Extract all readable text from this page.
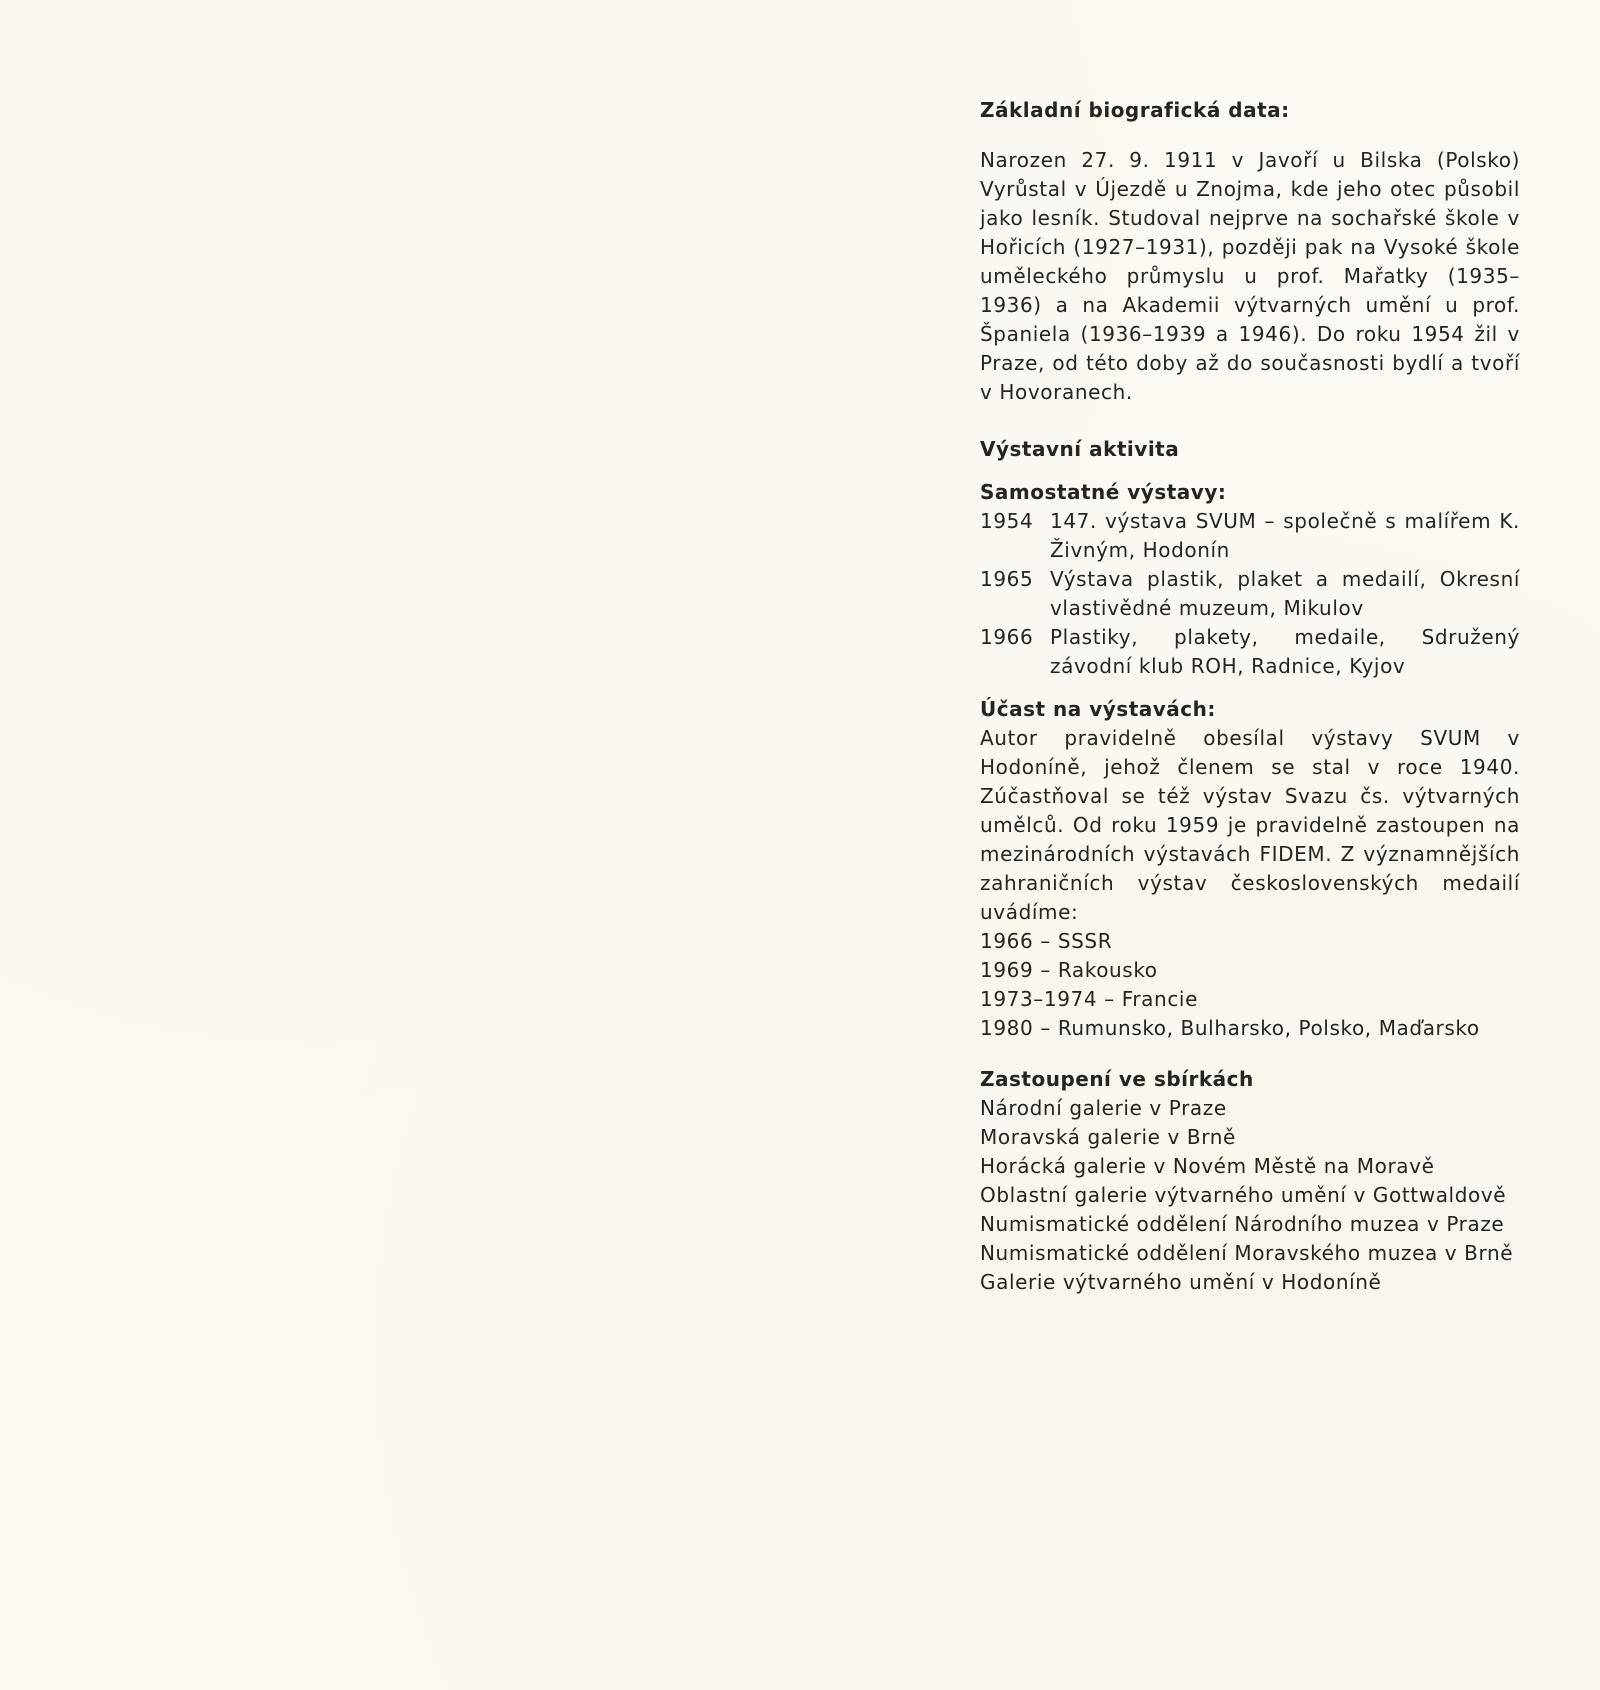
Základní biografická data:
Narozen 27. 9. 1911 v Javoří u Bilska (Polsko) Vyrůstal v Újezdě u Znojma, kde jeho otec působil jako lesník. Studoval nejprve na sochařské škole v Hořicích (1927–1931), později pak na Vysoké škole uměleckého průmyslu u prof. Mařatky (1935–1936) a na Akademii výtvarných umění u prof. Španiela (1936–1939 a 1946). Do roku 1954 žil v Praze, od této doby až do současnosti bydlí a tvoří v Hovoranech.
Výstavní aktivita
Samostatné výstavy:
1954 147. výstava SVUM – společně s malířem K. Živným, Hodonín
1965 Výstava plastik, plaket a medailí, Okresní vlastivědné muzeum, Mikulov
1966 Plastiky, plakety, medaile, Sdružený závodní klub ROH, Radnice, Kyjov
Účast na výstavách:
Autor pravidelně obesílal výstavy SVUM v Hodoníně, jehož členem se stal v roce 1940. Zúčastňoval se též výstav Svazu čs. výtvarných umělců. Od roku 1959 je pravidelně zastoupen na mezinárodních výstavách FIDEM. Z významnějších zahraničních výstav československých medailí uvádíme:
1966 – SSSR
1969 – Rakousko
1973–1974 – Francie
1980 – Rumunsko, Bulharsko, Polsko, Maďarsko
Zastoupení ve sbírkách
Národní galerie v Praze
Moravská galerie v Brně
Horácká galerie v Novém Městě na Moravě
Oblastní galerie výtvarného umění v Gottwaldově
Numismatické oddělení Národního muzea v Praze
Numismatické oddělení Moravského muzea v Brně
Galerie výtvarného umění v Hodoníně
